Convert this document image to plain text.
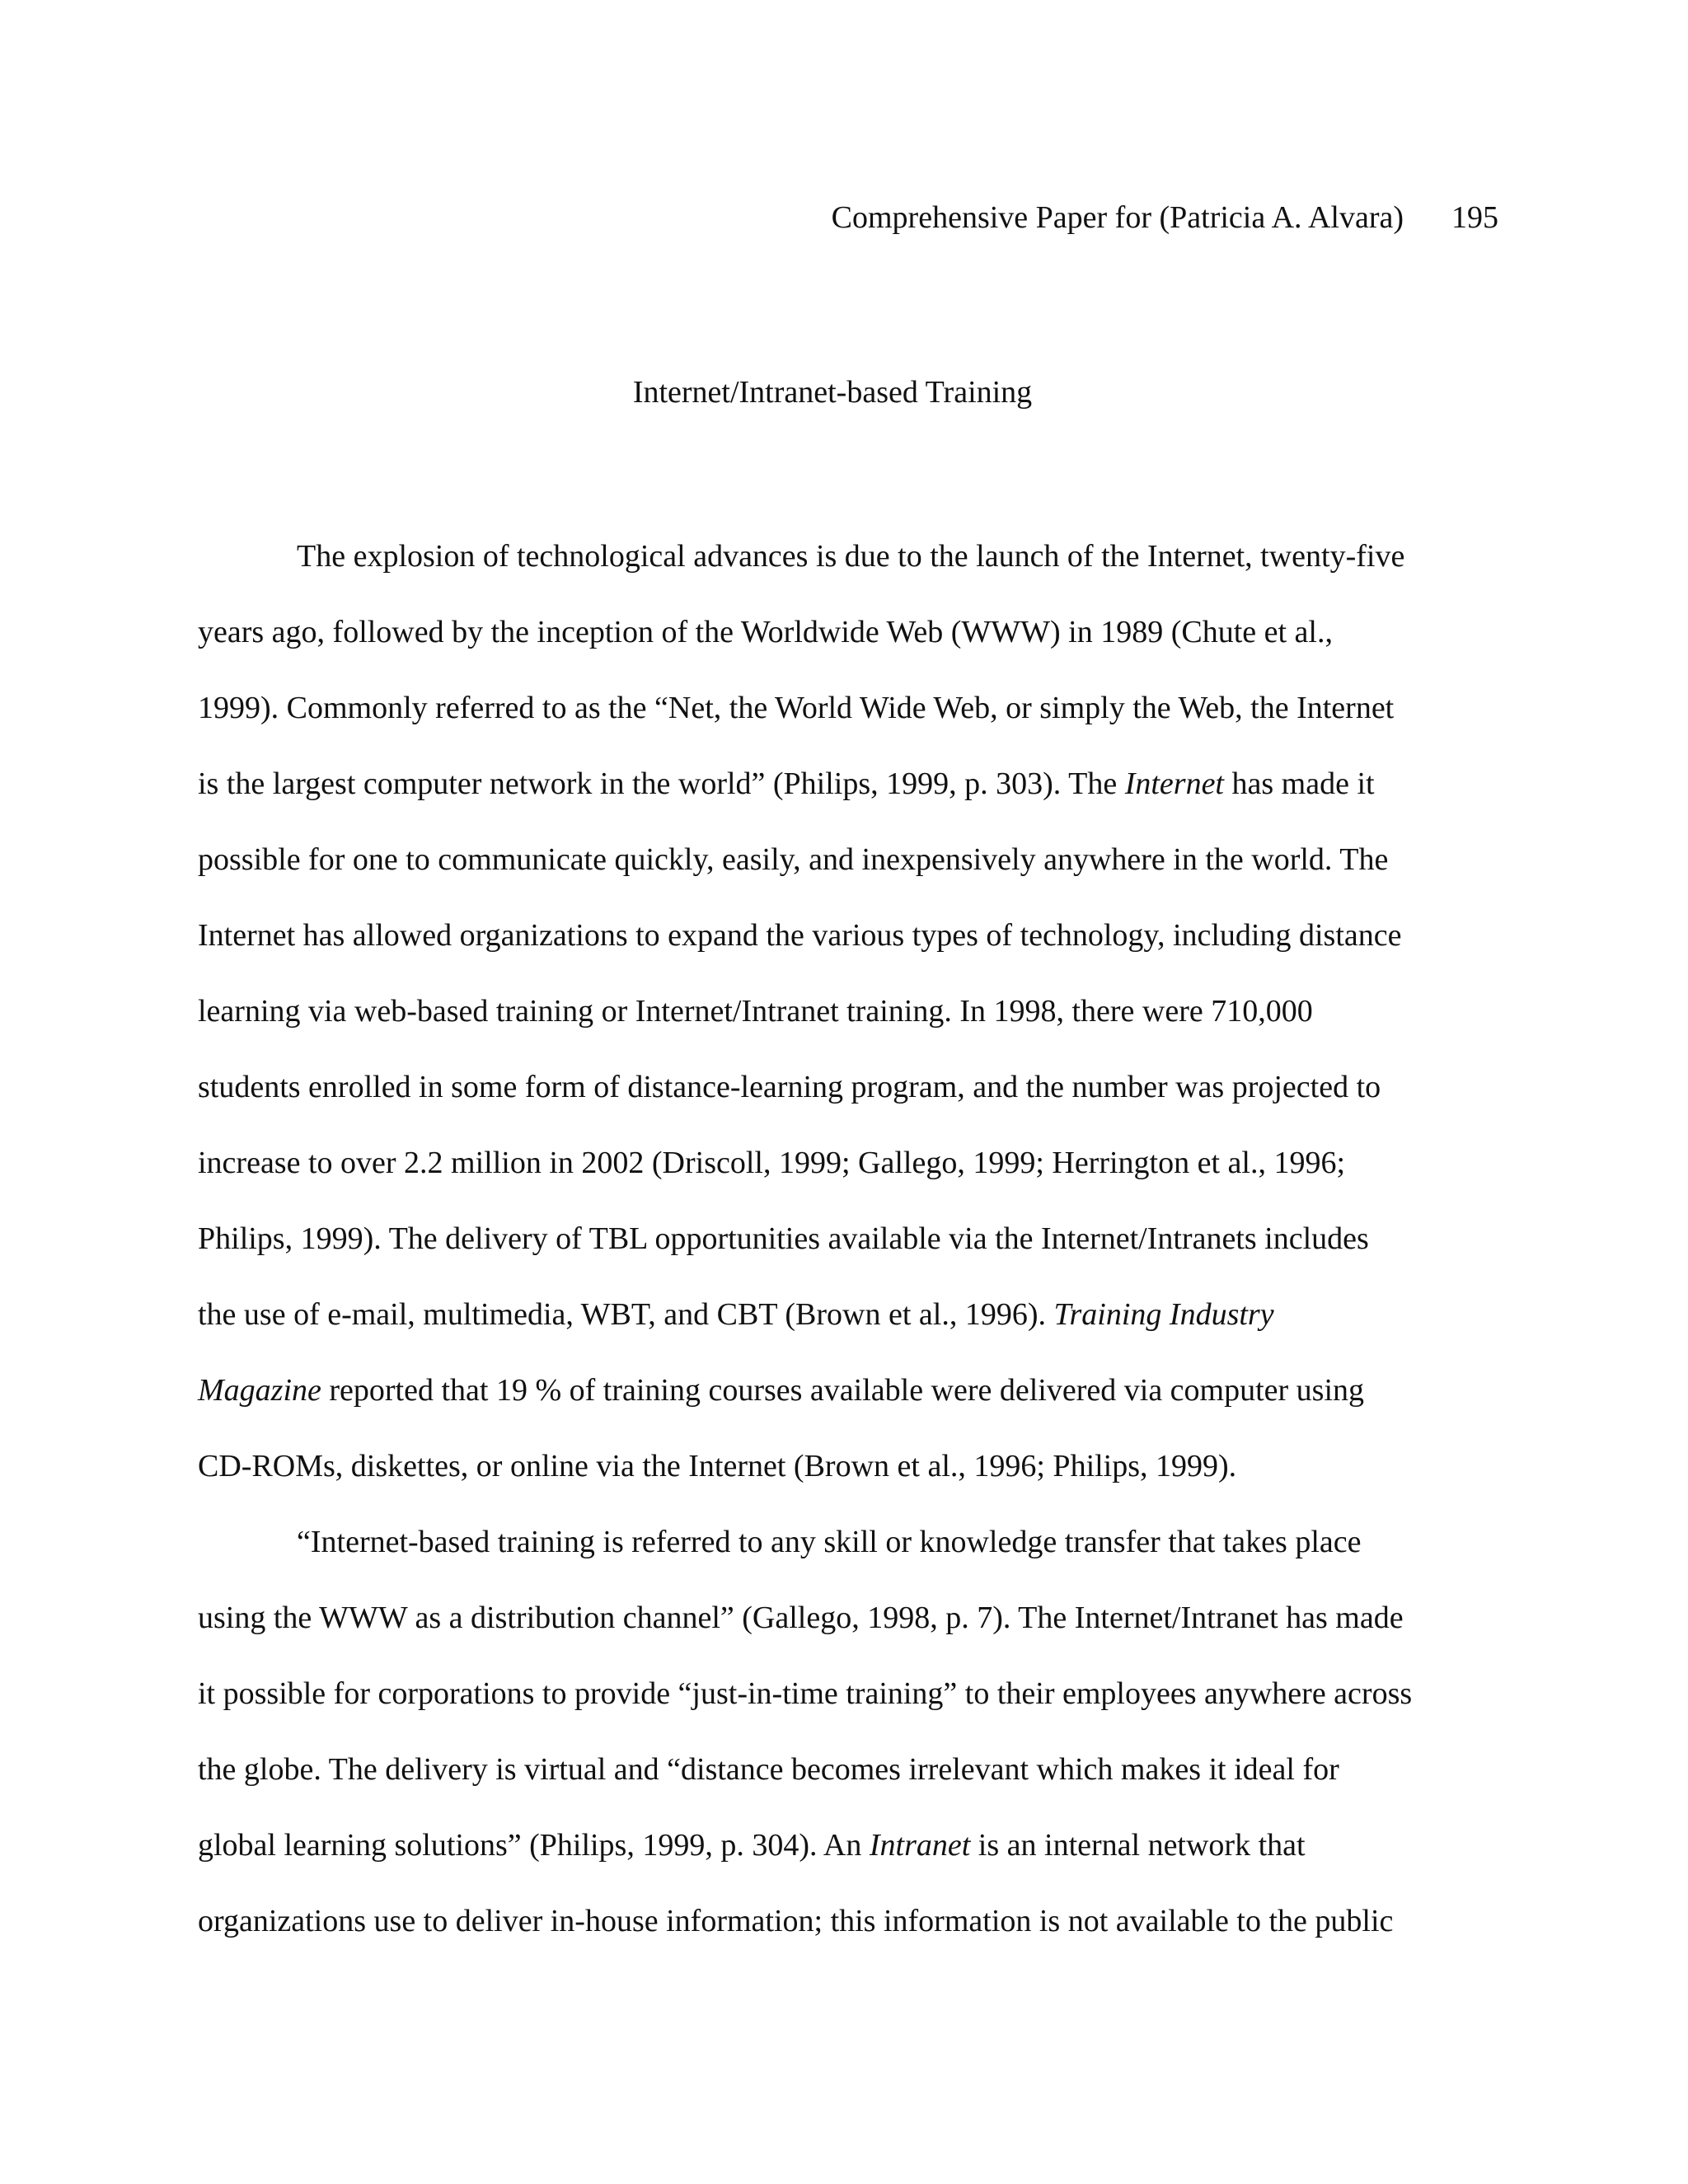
Comprehensive Paper for (Patricia A. Alvara) 195
Internet/Intranet-based Training
The explosion of technological advances is due to the launch of the Internet, twenty-five
years ago, followed by the inception of the Worldwide Web (WWW) in 1989 (Chute et al.,
1999). Commonly referred to as the “Net, the World Wide Web, or simply the Web, the Internet
is the largest computer network in the world” (Philips, 1999, p. 303). The Internet has made it
possible for one to communicate quickly, easily, and inexpensively anywhere in the world. The
Internet has allowed organizations to expand the various types of technology, including distance
learning via web-based training or Internet/Intranet training. In 1998, there were 710,000
students enrolled in some form of distance-learning program, and the number was projected to
increase to over 2.2 million in 2002 (Driscoll, 1999; Gallego, 1999; Herrington et al., 1996;
Philips, 1999). The delivery of TBL opportunities available via the Internet/Intranets includes
the use of e-mail, multimedia, WBT, and CBT (Brown et al., 1996). Training Industry
Magazine reported that 19 % of training courses available were delivered via computer using
CD-ROMs, diskettes, or online via the Internet (Brown et al., 1996; Philips, 1999).
“Internet-based training is referred to any skill or knowledge transfer that takes place
using the WWW as a distribution channel” (Gallego, 1998, p. 7). The Internet/Intranet has made
it possible for corporations to provide “just-in-time training” to their employees anywhere across
the globe. The delivery is virtual and “distance becomes irrelevant which makes it ideal for
global learning solutions” (Philips, 1999, p. 304). An Intranet is an internal network that
organizations use to deliver in-house information; this information is not available to the public
